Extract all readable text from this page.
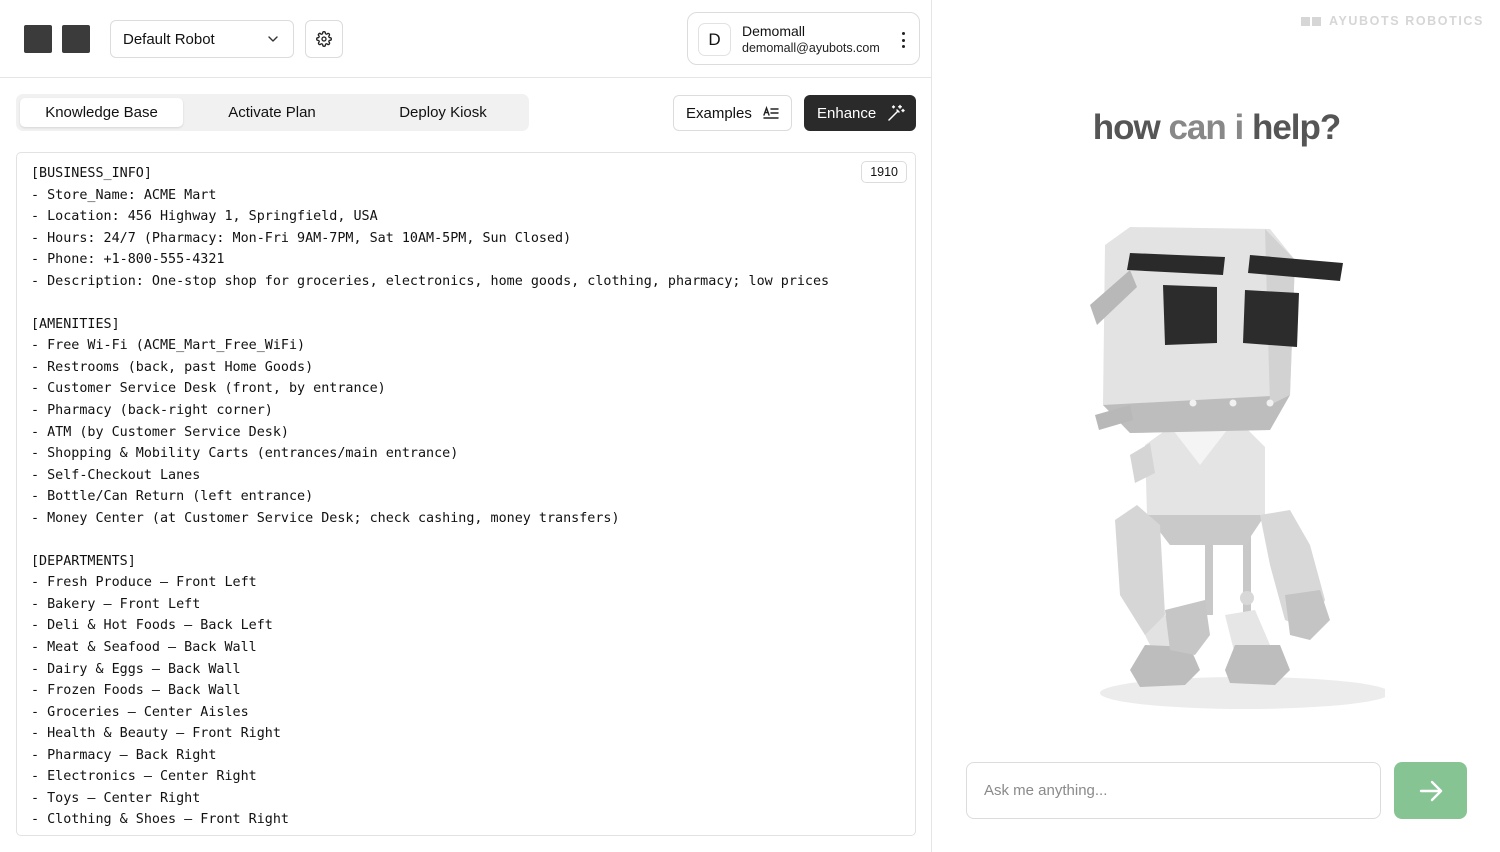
Default Robot	D	Demomall
demomall@ayubots.com
Knowledge Base	Activate Plan	Deploy Kiosk	Examples	Enhance
[BUSINESS_INFO]
- Store_Name: ACME Mart
- Location: 456 Highway 1, Springfield, USA
- Hours: 24/7 (Pharmacy: Mon-Fri 9AM-7PM, Sat 10AM-5PM, Sun Closed)
- Phone: +1-800-555-4321
- Description: One-stop shop for groceries, electronics, home goods, clothing, pharmacy; low prices

[AMENITIES]
- Free Wi-Fi (ACME_Mart_Free_WiFi)
- Restrooms (back, past Home Goods)
- Customer Service Desk (front, by entrance)
- Pharmacy (back-right corner)
- ATM (by Customer Service Desk)
- Shopping & Mobility Carts (entrances/main entrance)
- Self-Checkout Lanes
- Bottle/Can Return (left entrance)
- Money Center (at Customer Service Desk; check cashing, money transfers)

[DEPARTMENTS]
- Fresh Produce – Front Left
- Bakery – Front Left
- Deli & Hot Foods – Back Left
- Meat & Seafood – Back Wall
- Dairy & Eggs – Back Wall
- Frozen Foods – Back Wall
- Groceries – Center Aisles
- Health & Beauty – Front Right
- Pharmacy – Back Right
- Electronics – Center Right
- Toys – Center Right
- Clothing & Shoes – Front Right
1910
AYUBOTS ROBOTICS
how can i help?
Ask me anything...
